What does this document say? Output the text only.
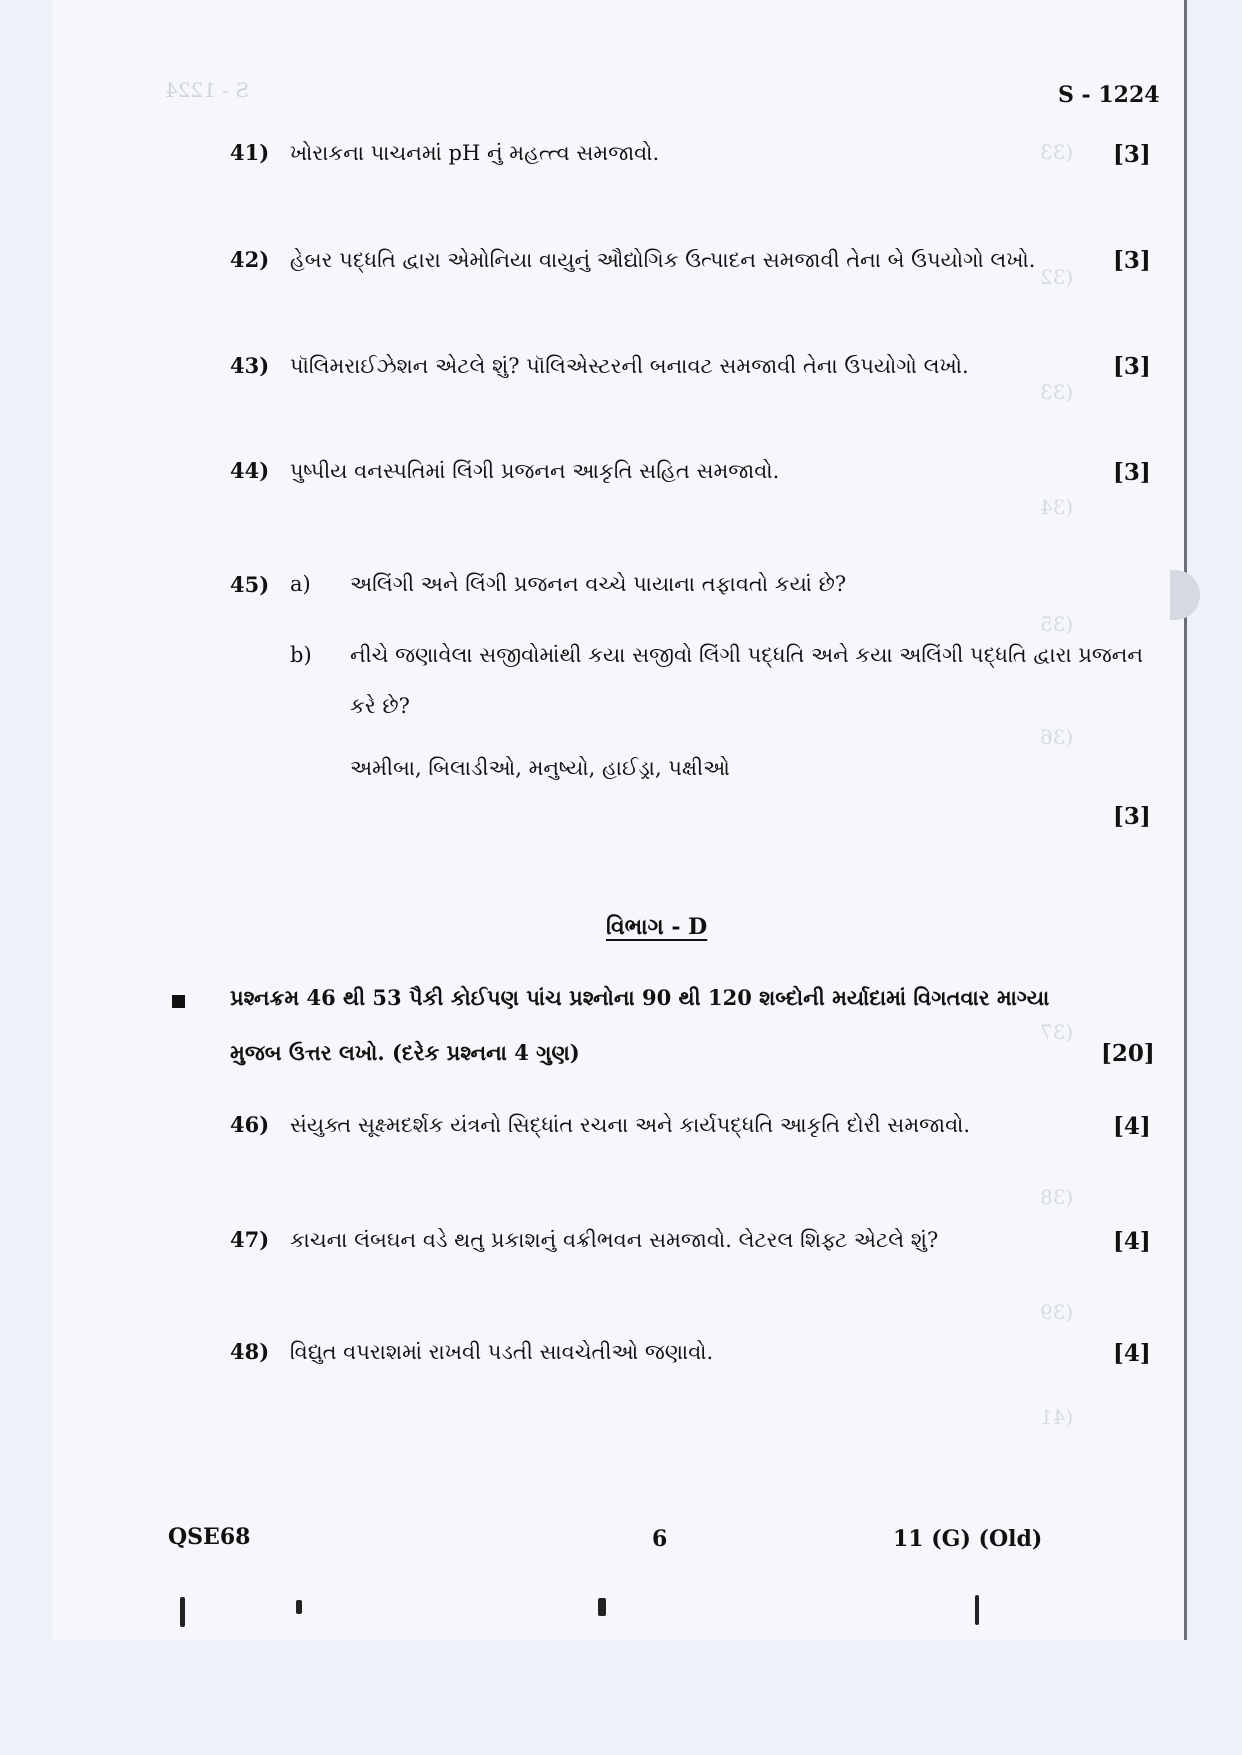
S - 1224
(33
(32
(33
(34
(35
(36
(37
(38
(39
(41
S - 1224
41) ખોરાકના પાચનમાં pH નું મહત્ત્વ સમજાવો.	[3]
42) હેબર પદ્ધતિ દ્વારા એમોનિયા વાયુનું ઔદ્યોગિક ઉત્પાદન સમજાવી તેના બે ઉપયોગો લખો.	[3]
43) પૉલિમરાઈઝેશન એટલે શું? પૉલિએસ્ટરની બનાવટ સમજાવી તેના ઉપયોગો લખો.	[3]
44) પુષ્પીય વનસ્પતિમાં લિંગી પ્રજનન આકૃતિ સહિત સમજાવો.	[3]
45) a) અલિંગી અને લિંગી પ્રજનન વચ્ચે પાયાના તફાવતો કયાં છે?
b) નીચે જણાવેલા સજીવોમાંથી કયા સજીવો લિંગી પદ્ધતિ અને કયા અલિંગી પદ્ધતિ દ્વારા પ્રજનન
કરે છે?
અમીબા, બિલાડીઓ, મનુષ્યો, હાઈડ્રા, પક્ષીઓ
[3]
વિભાગ - D
પ્રશ્નક્રમ 46 થી 53 પૈકી કોઈપણ પાંચ પ્રશ્નોના 90 થી 120 શબ્દોની મર્યાદામાં વિગતવાર માગ્યા
મુજબ ઉત્તર લખો. (દરેક પ્રશ્નના 4 ગુણ)	[20]
46) સંયુક્ત સૂક્ષ્મદર્શક યંત્રનો સિદ્ધાંત રચના અને કાર્યપદ્ધતિ આકૃતિ દોરી સમજાવો.	[4]
47) કાચના લંબઘન વડે થતુ પ્રકાશનું વક્રીભવન સમજાવો. લેટરલ શિફ્ટ એટલે શું?	[4]
48) વિદ્યુત વપરાશમાં રાખવી પડતી સાવચેતીઓ જણાવો.	[4]
QSE68	6	11 (G) (Old)
